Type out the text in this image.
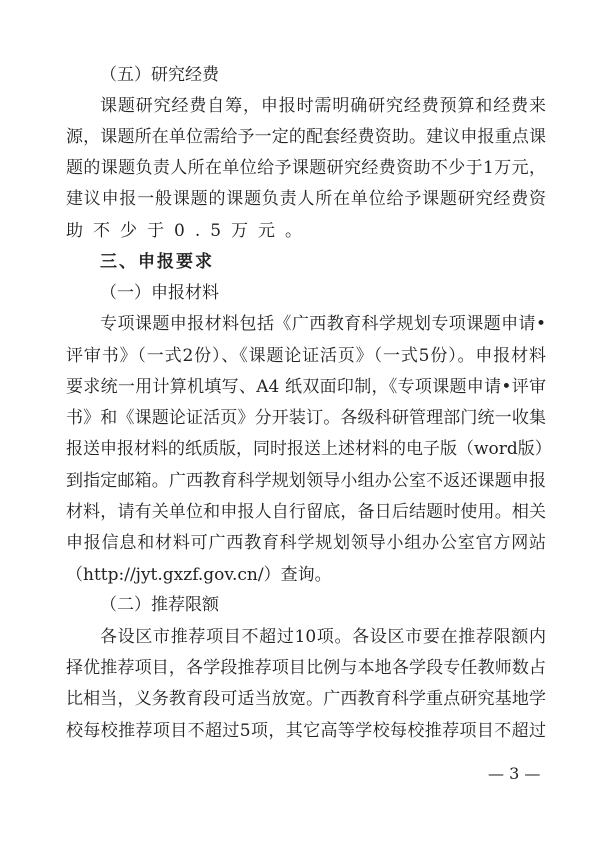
（五）研究经费
课题研究经费自筹，申报时需明确研究经费预算和经费来
源，课题所在单位需给予一定的配套经费资助。建议申报重点课
题的课题负责人所在单位给予课题研究经费资助不少于1万元，
建议申报一般课题的课题负责人所在单位给予课题研究经费资
助不少于0.5万元。
三、申报要求
（一）申报材料
专项课题申报材料包括《广西教育科学规划专项课题申请•
评审书》（一式2份）、《课题论证活页》（一式5份）。申报材料
要求统一用计算机填写、A4 纸双面印制，《专项课题申请•评审
书》和《课题论证活页》分开装订。各级科研管理部门统一收集
报送申报材料的纸质版，同时报送上述材料的电子版（word版）
到指定邮箱。广西教育科学规划领导小组办公室不返还课题申报
材料，请有关单位和申报人自行留底，备日后结题时使用。相关
申报信息和材料可广西教育科学规划领导小组办公室官方网站
（http://jyt.gxzf.gov.cn/）查询。
（二）推荐限额
各设区市推荐项目不超过10项。各设区市要在推荐限额内
择优推荐项目，各学段推荐项目比例与本地各学段专任教师数占
比相当，义务教育段可适当放宽。广西教育科学重点研究基地学
校每校推荐项目不超过5项，其它高等学校每校推荐项目不超过
— 3 —
